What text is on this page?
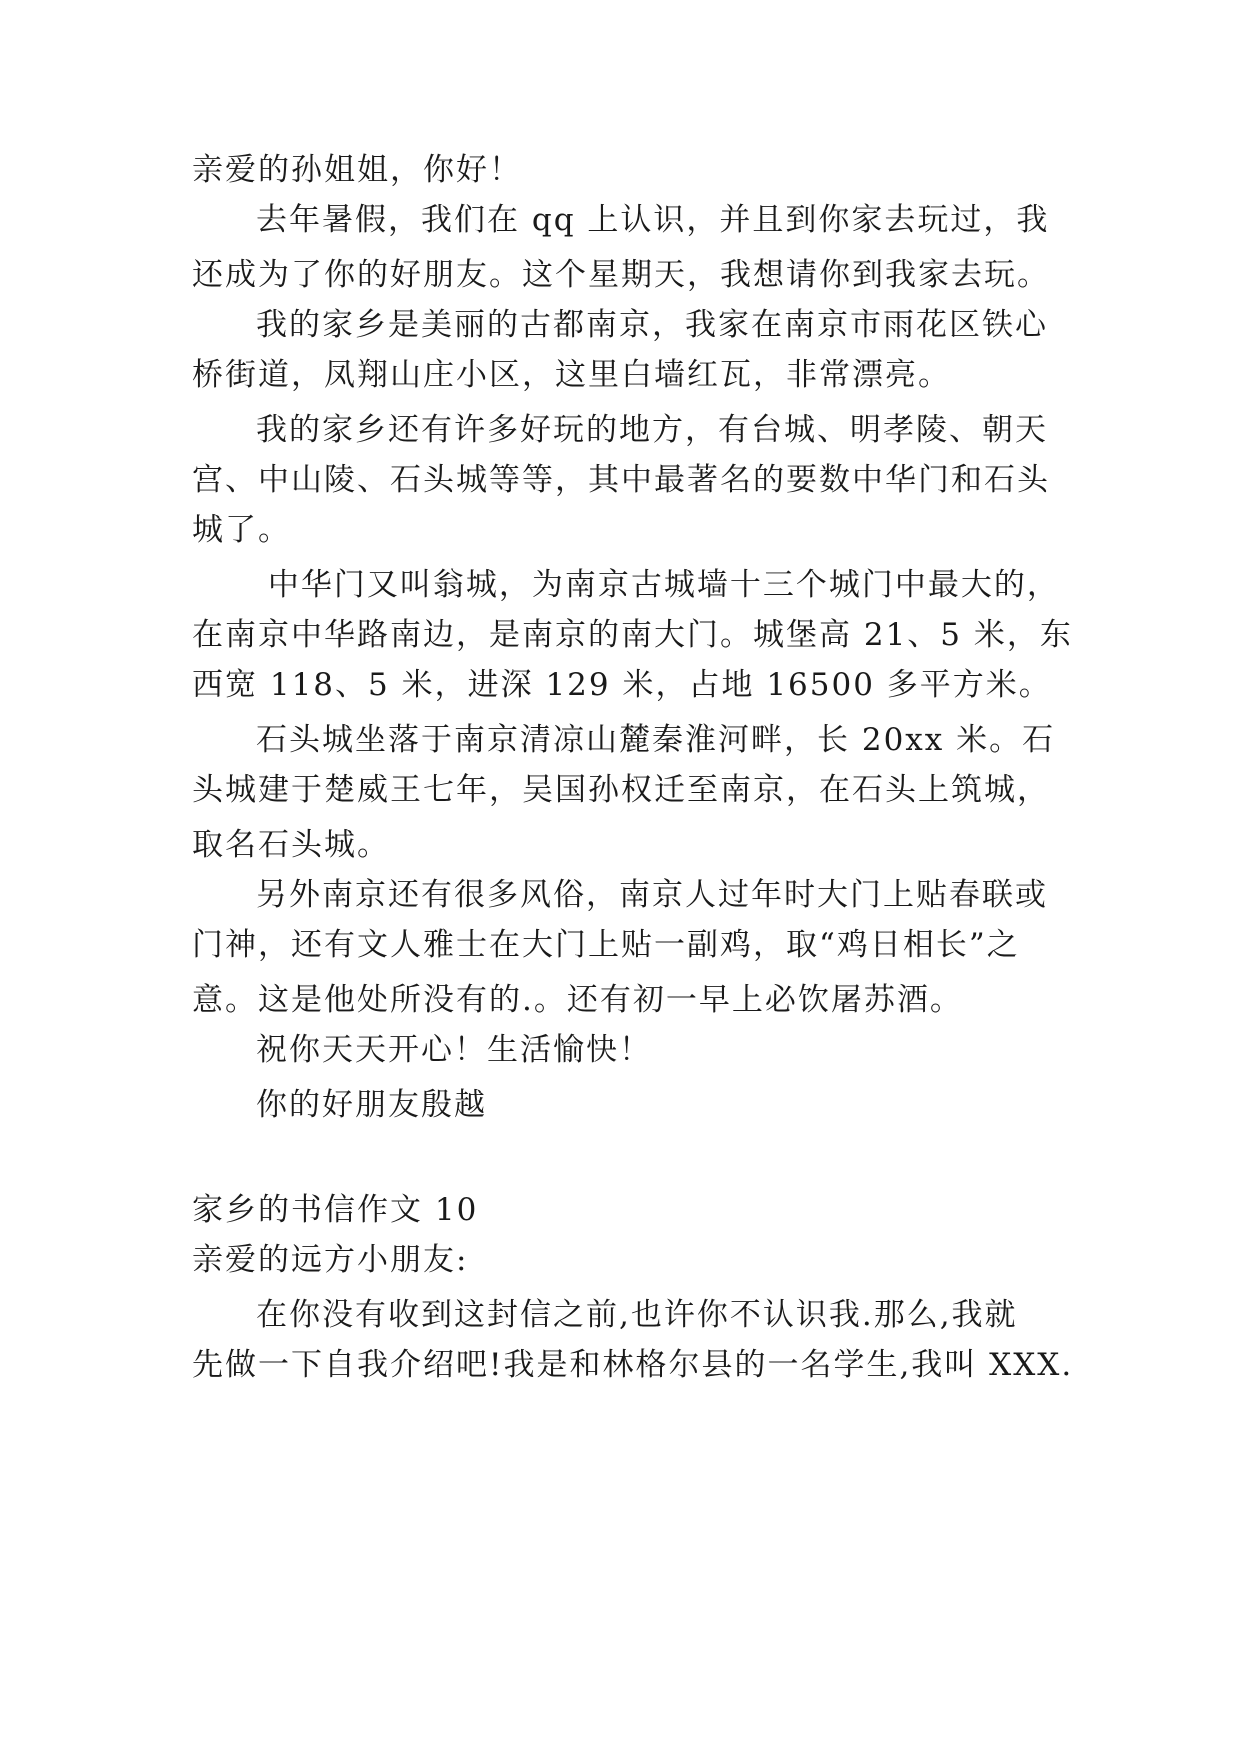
亲爱的孙姐姐，你好！
去年暑假，我们在 qq 上认识，并且到你家去玩过，我
还成为了你的好朋友。这个星期天，我想请你到我家去玩。
我的家乡是美丽的古都南京，我家在南京市雨花区铁心
桥街道，凤翔山庄小区，这里白墙红瓦，非常漂亮。
我的家乡还有许多好玩的地方，有台城、明孝陵、朝天
宫、中山陵、石头城等等，其中最著名的要数中华门和石头
城了。
中华门又叫翁城，为南京古城墙十三个城门中最大的，
在南京中华路南边，是南京的南大门。城堡高 21、5 米，东
西宽 118、5 米，进深 129 米，占地 16500 多平方米。
石头城坐落于南京清凉山麓秦淮河畔，长 20xx 米。石
头城建于楚威王七年，吴国孙权迁至南京，在石头上筑城，
取名石头城。
另外南京还有很多风俗，南京人过年时大门上贴春联或
门神，还有文人雅士在大门上贴一副鸡，取“鸡日相长”之
意。这是他处所没有的.。还有初一早上必饮屠苏酒。
祝你天天开心！生活愉快！
你的好朋友殷越
家乡的书信作文 10
亲爱的远方小朋友:
在你没有收到这封信之前,也许你不认识我.那么,我就
先做一下自我介绍吧!我是和林格尔县的一名学生,我叫 XXX.
